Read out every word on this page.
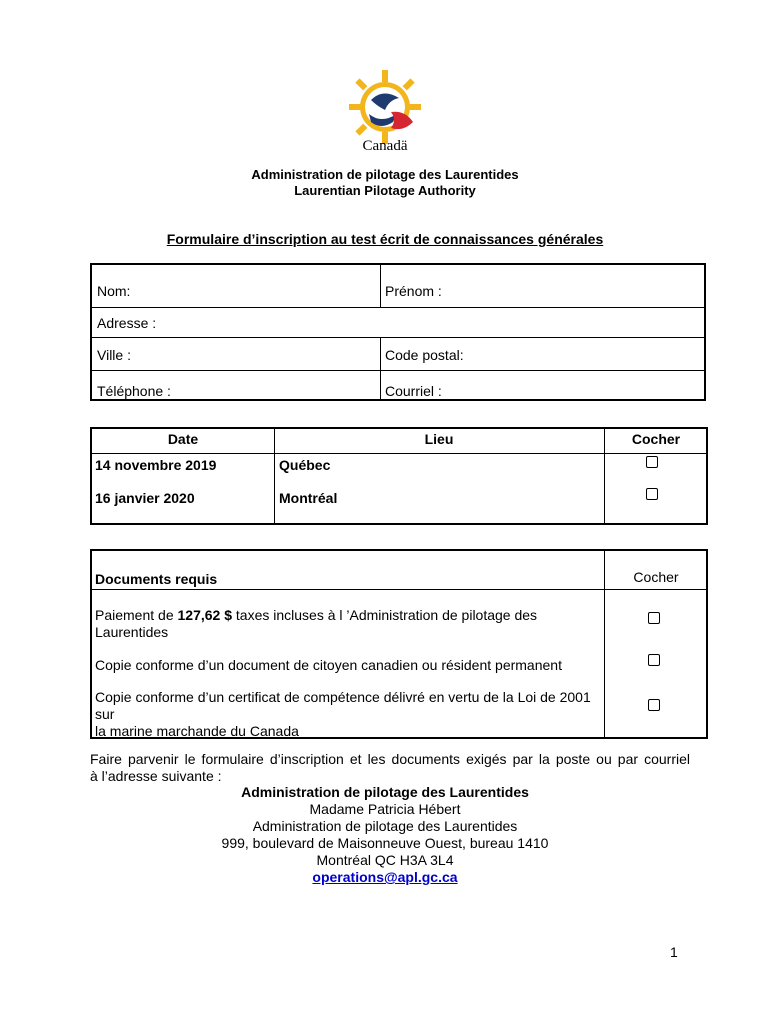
Canadä
Administration de pilotage des Laurentides
Laurentian Pilotage Authority
Formulaire d’inscription au test écrit de connaissances générales
Nom:	Prénom :
Adresse :
Ville :	Code postal:
Téléphone :	Courriel :
Date	Lieu	Cocher
14 novembre 2019	Québec
16 janvier 2020	Montréal
Documents requis	Cocher
Paiement de 127,62 $ taxes incluses à l ’Administration de pilotage des
Laurentides
Copie conforme d’un document de citoyen canadien ou résident permanent
Copie conforme d’un certificat de compétence délivré en vertu de la Loi de 2001 sur
la marine marchande du Canada
Faire parvenir le formulaire d’inscription et les documents exigés par la poste ou par courriel
à l’adresse suivante :
Administration de pilotage des Laurentides
Madame Patricia Hébert
Administration de pilotage des Laurentides
999, boulevard de Maisonneuve Ouest, bureau 1410
Montréal QC H3A 3L4
operations@apl.gc.ca
1
